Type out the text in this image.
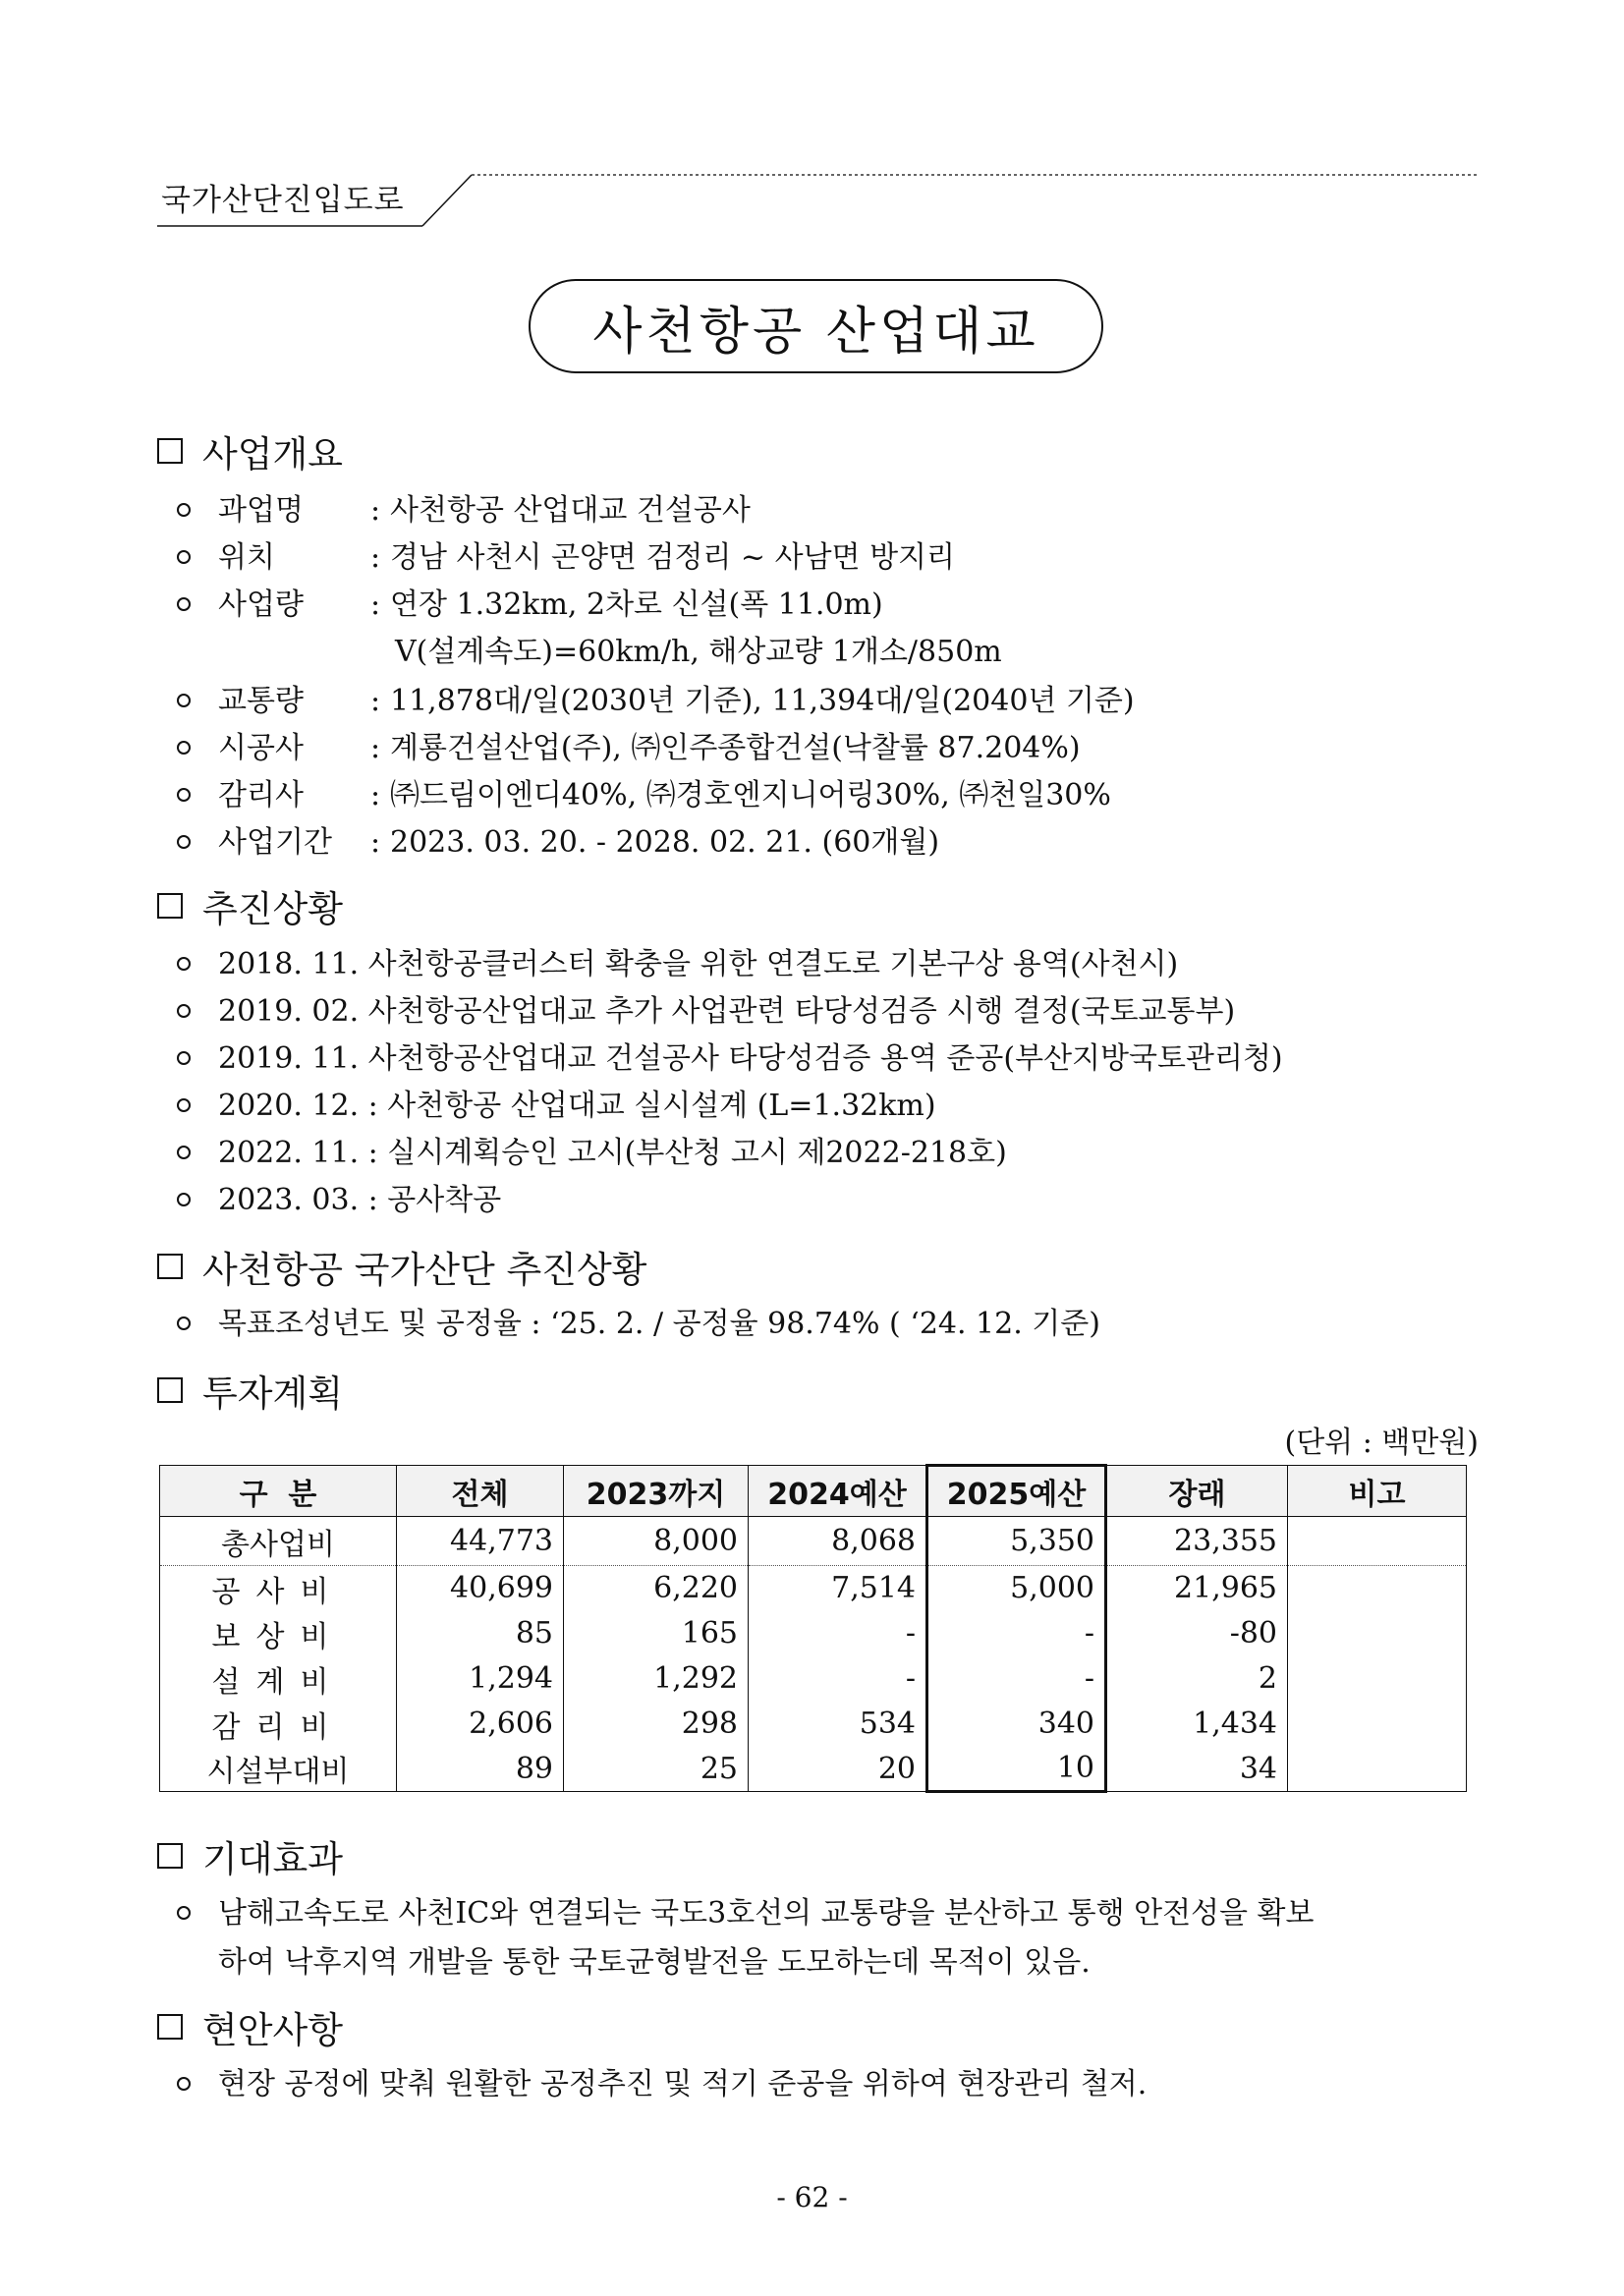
국가산단진입도로
사천항공 산업대교
사업개요
과업명	: 사천항공 산업대교 건설공사
위치	: 경남 사천시 곤양면 검정리 ~ 사남면 방지리
사업량	: 연장 1.32km, 2차로 신설(폭 11.0m)
V(설계속도)=60km/h, 해상교량 1개소/850m
교통량	: 11,878대/일(2030년 기준), 11,394대/일(2040년 기준)
시공사	: 계룡건설산업(주), ㈜인주종합건설(낙찰률 87.204%)
감리사	: ㈜드림이엔디40%, ㈜경호엔지니어링30%, ㈜천일30%
사업기간	: 2023. 03. 20. - 2028. 02. 21. (60개월)
추진상황
2018. 11. 사천항공클러스터 확충을 위한 연결도로 기본구상 용역(사천시)
2019. 02. 사천항공산업대교 추가 사업관련 타당성검증 시행 결정(국토교통부)
2019. 11. 사천항공산업대교 건설공사 타당성검증 용역 준공(부산지방국토관리청)
2020. 12. : 사천항공 산업대교 실시설계 (L=1.32km)
2022. 11. : 실시계획승인 고시(부산청 고시 제2022-218호)
2023. 03. : 공사착공
사천항공 국가산단 추진상황
목표조성년도 및 공정율 : ‘25. 2. / 공정율 98.74% ( ‘24. 12. 기준)
투자계획
(단위 : 백만원)
구  분	전체	2023까지	2024예산	2025예산	장래	비고
총사업비	44,773	8,000	8,068	5,350	23,355	
공사비	40,699	6,220	7,514	5,000	21,965	
보상비	85	165	-	-	-80	
설계비	1,294	1,292	-	-	2	
감리비	2,606	298	534	340	1,434	
시설부대비	89	25	20	10	34	
기대효과
남해고속도로 사천IC와 연결되는 국도3호선의 교통량을 분산하고 통행 안전성을 확보
하여 낙후지역 개발을 통한 국토균형발전을 도모하는데 목적이 있음.
현안사항
현장 공정에 맞춰 원활한 공정추진 및 적기 준공을 위하여 현장관리 철저.
- 62 -
